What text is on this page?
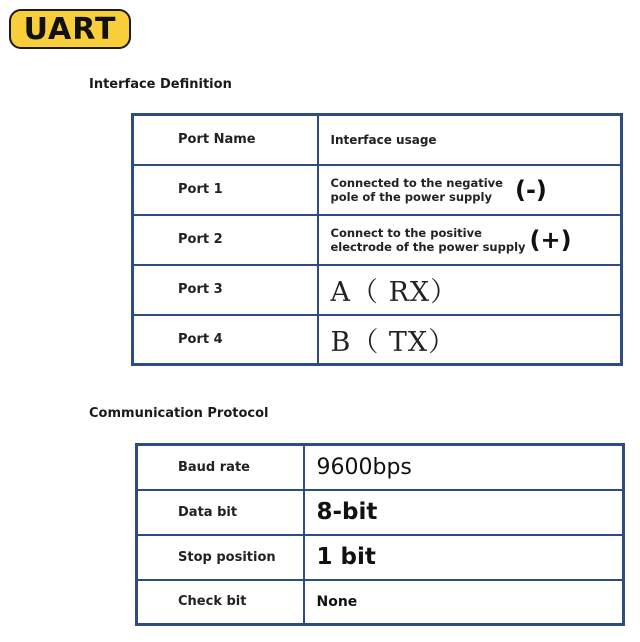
UART
Interface Definition
Port Name	Interface usage
Port 1	Connected to the negative
pole of the power supply (-)

Port 2	Connect to the positive
electrode of the power supply (+)

Port 3	A（ RX）
Port 4	B（ TX）
Communication Protocol
Baud rate	9600bps
Data bit	8-bit
Stop position	1 bit
Check bit	None
